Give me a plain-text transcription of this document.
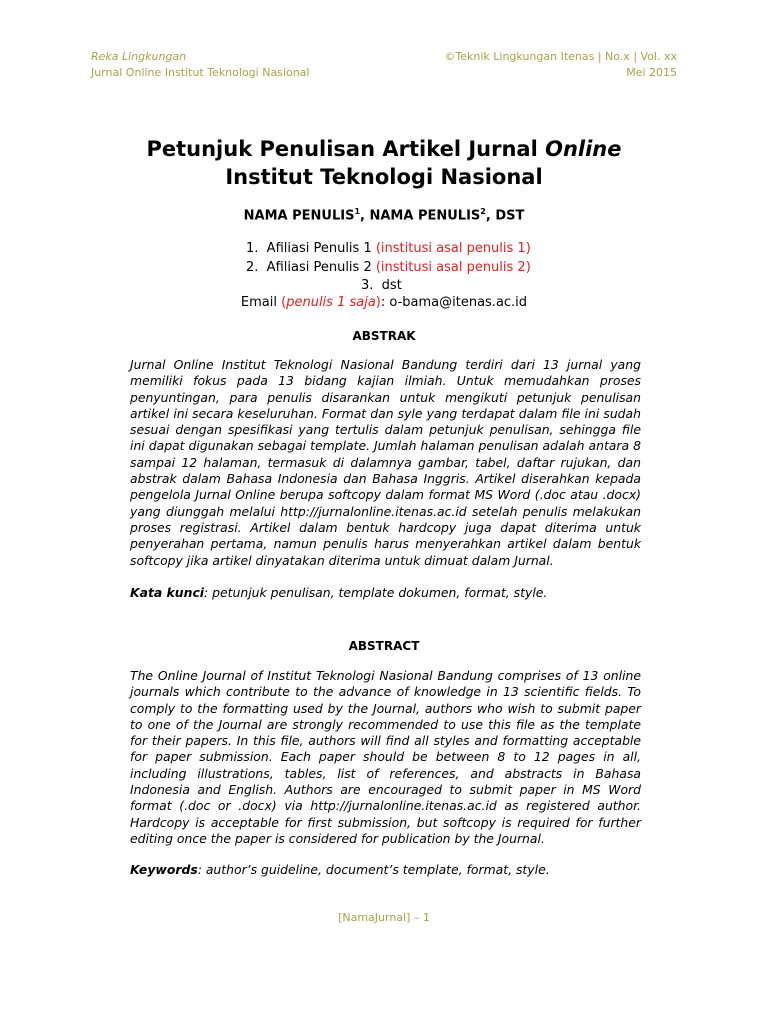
Reka Lingkungan
Jurnal Online Institut Teknologi Nasional
©Teknik Lingkungan Itenas | No.x | Vol. xx
Mei 2015
Petunjuk Penulisan Artikel Jurnal Online
Institut Teknologi Nasional
NAMA PENULIS$^1$, NAMA PENULIS$^2$, DST
1. Afiliasi Penulis 1 (institusi asal penulis 1)
2. Afiliasi Penulis 2 (institusi asal penulis 2)
3. dst
Email (penulis 1 saja): o-bama@itenas.ac.id
ABSTRAK
Jurnal Online Institut Teknologi Nasional Bandung terdiri dari 13 jurnal yang memiliki fokus pada 13 bidang kajian ilmiah. Untuk memudahkan proses penyuntingan, para penulis disarankan untuk mengikuti petunjuk penulisan artikel ini secara keseluruhan. Format dan syle yang terdapat dalam file ini sudah sesuai dengan spesifikasi yang tertulis dalam petunjuk penulisan, sehingga file ini dapat digunakan sebagai template. Jumlah halaman penulisan adalah antara 8 sampai 12 halaman, termasuk di dalamnya gambar, tabel, daftar rujukan, dan abstrak dalam Bahasa Indonesia dan Bahasa Inggris. Artikel diserahkan kepada pengelola Jurnal Online berupa softcopy dalam format MS Word (.doc atau .docx) yang diunggah melalui http://jurnalonline.itenas.ac.id setelah penulis melakukan proses registrasi. Artikel dalam bentuk hardcopy juga dapat diterima untuk penyerahan pertama, namun penulis harus menyerahkan artikel dalam bentuk softcopy jika artikel dinyatakan diterima untuk dimuat dalam Jurnal.
Kata kunci: petunjuk penulisan, template dokumen, format, style.
ABSTRACT
The Online Journal of Institut Teknologi Nasional Bandung comprises of 13 online journals which contribute to the advance of knowledge in 13 scientific fields. To comply to the formatting used by the Journal, authors who wish to submit paper to one of the Journal are strongly recommended to use this file as the template for their papers. In this file, authors will find all styles and formatting acceptable for paper submission. Each paper should be between 8 to 12 pages in all, including illustrations, tables, list of references, and abstracts in Bahasa Indonesia and English. Authors are encouraged to submit paper in MS Word format (.doc or .docx) via http://jurnalonline.itenas.ac.id as registered author. Hardcopy is acceptable for first submission, but softcopy is required for further editing once the paper is considered for publication by the Journal.
Keywords: author’s guideline, document’s template, format, style.
[NamaJurnal] – 1
